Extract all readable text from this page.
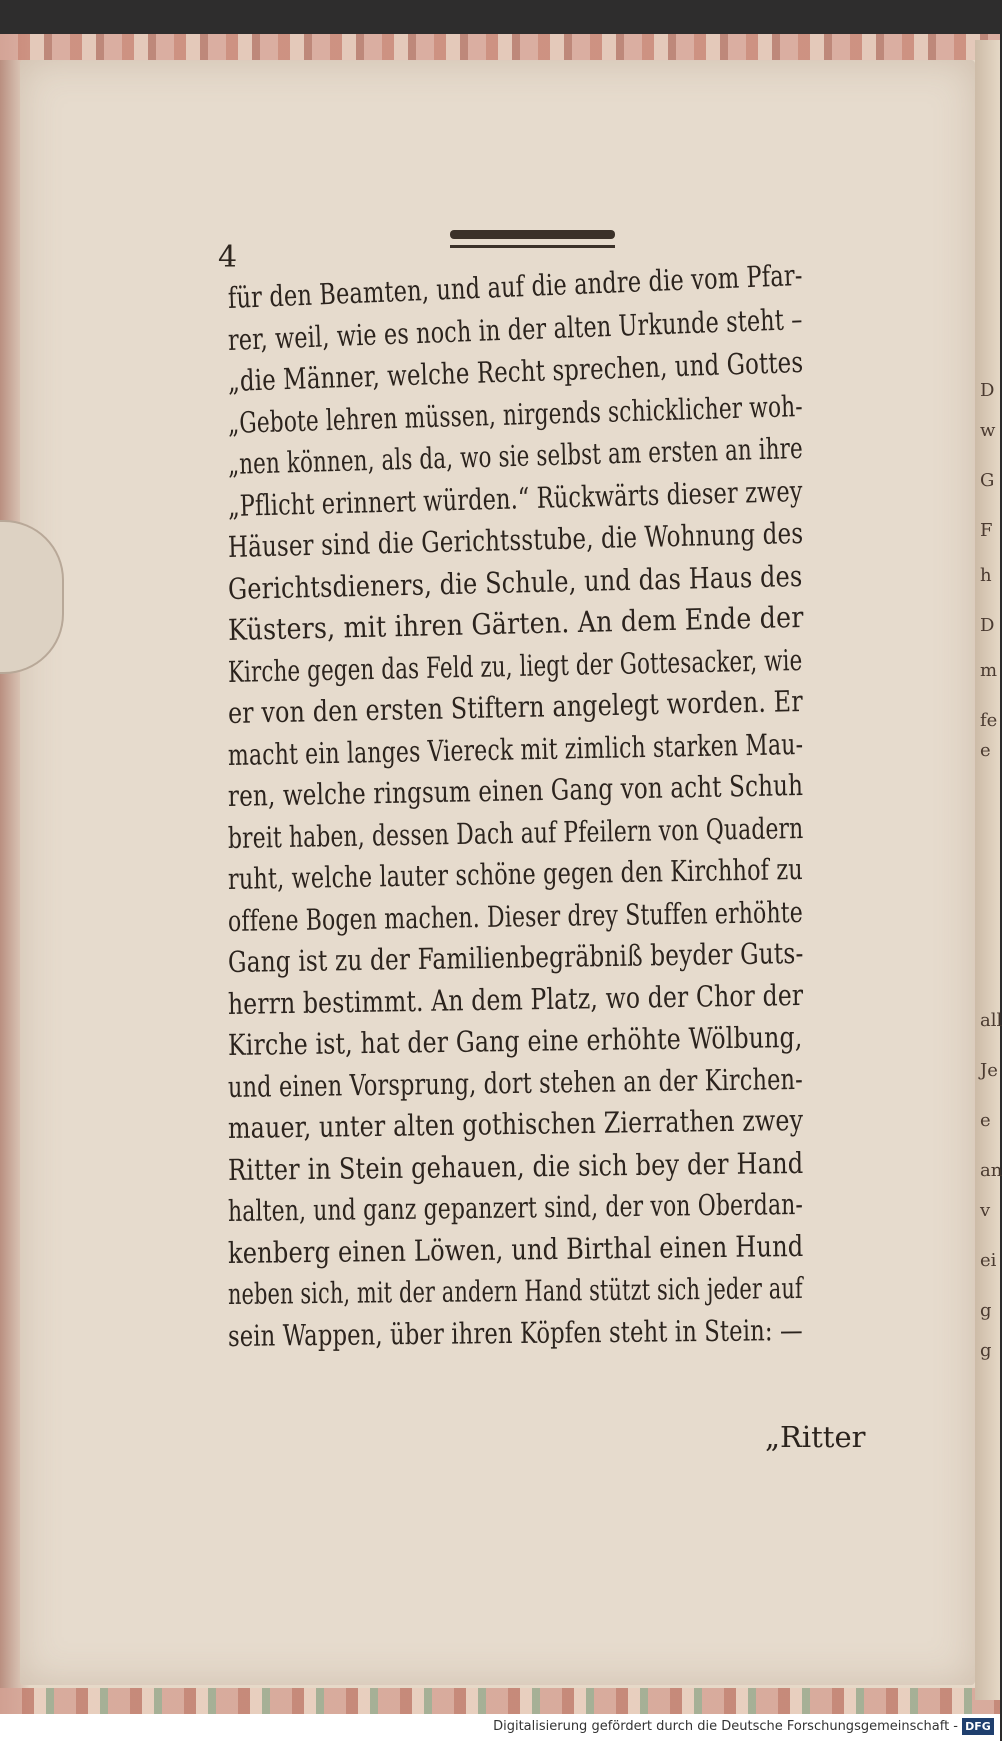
D
w
G
F
h
D
m
fe
e
all
Je
e
an
v
ei
g
g
4
für den Beamten, und auf die andre die vom Pfar-
rer, weil, wie es noch in der alten Urkunde steht –
„die Männer, welche Recht sprechen, und Gottes
„Gebote lehren müssen, nirgends schicklicher woh-
„nen können, als da, wo sie selbst am ersten an ihre
„Pflicht erinnert würden.“ Rückwärts dieser zwey
Häuser sind die Gerichtsstube, die Wohnung des
Gerichtsdieners, die Schule, und das Haus des
Küsters, mit ihren Gärten. An dem Ende der
Kirche gegen das Feld zu, liegt der Gottesacker, wie
er von den ersten Stiftern angelegt worden. Er
macht ein langes Viereck mit zimlich starken Mau-
ren, welche ringsum einen Gang von acht Schuh
breit haben, dessen Dach auf Pfeilern von Quadern
ruht, welche lauter schöne gegen den Kirchhof zu
offene Bogen machen. Dieser drey Stuffen erhöhte
Gang ist zu der Familienbegräbniß beyder Guts-
herrn bestimmt. An dem Platz, wo der Chor der
Kirche ist, hat der Gang eine erhöhte Wölbung,
und einen Vorsprung, dort stehen an der Kirchen-
mauer, unter alten gothischen Zierrathen zwey
Ritter in Stein gehauen, die sich bey der Hand
halten, und ganz gepanzert sind, der von Oberdan-
kenberg einen Löwen, und Birthal einen Hund
neben sich, mit der andern Hand stützt sich jeder auf
sein Wappen, über ihren Köpfen steht in Stein: —
„Ritter
Digitalisierung gefördert durch die Deutsche Forschungsgemeinschaft - DFG
